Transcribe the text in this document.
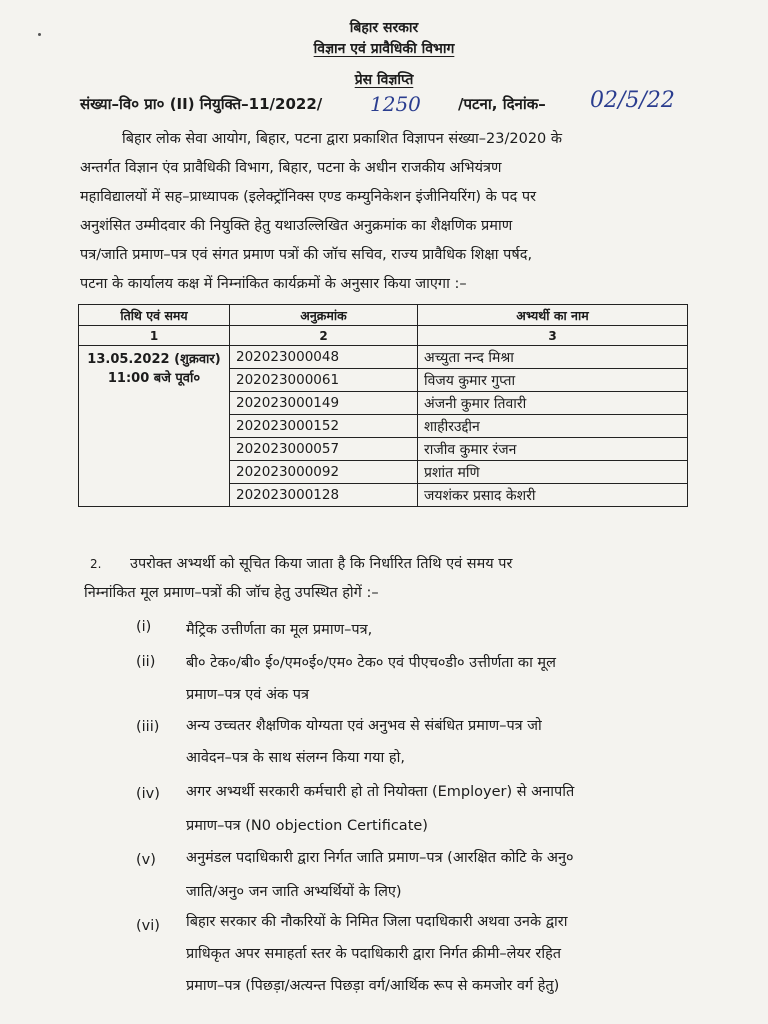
बिहार सरकार
विज्ञान एवं प्रावैधिकी विभाग
प्रेस विज्ञप्ति
संख्या–वि० प्रा० (II) नियुक्ति–11/2022/ 1250 /पटना, दिनांक– 02/5/22
बिहार लोक सेवा आयोग, बिहार, पटना द्वारा प्रकाशित विज्ञापन संख्या–23/2020 के
अन्तर्गत विज्ञान एंव प्रावैधिकी विभाग, बिहार, पटना के अधीन राजकीय अभियंत्रण
महाविद्यालयों में सह–प्राध्यापक (इलेक्ट्रॉनिक्स एण्ड कम्युनिकेशन इंजीनियरिंग) के पद पर
अनुशंसित उम्मीदवार की नियुक्ति हेतु यथाउल्लिखित अनुक्रमांक का शैक्षणिक प्रमाण
पत्र/जाति प्रमाण–पत्र एवं संगत प्रमाण पत्रों की जॉच सचिव, राज्य प्रावैधिक शिक्षा पर्षद,
पटना के कार्यालय कक्ष में निम्नांकित कार्यक्रमों के अनुसार किया जाएगा :–
तिथि एवं समय	अनुक्रमांक	अभ्यर्थी का नाम
1	2	3

13.05.2022 (शुक्रवार)
11:00 बजे पूर्वा०	202023000048	अच्युता नन्द मिश्रा
	202023000061	विजय कुमार गुप्ता
	202023000149	अंजनी कुमार तिवारी
	202023000152	शाहीरउद्दीन
	202023000057	राजीव कुमार रंजन
	202023000092	प्रशांत मणि
	202023000128	जयशंकर प्रसाद केशरी
2. उपरोक्त अभ्यर्थी को सूचित किया जाता है कि निर्धारित तिथि एवं समय पर
निम्नांकित मूल प्रमाण–पत्रों की जॉच हेतु उपस्थित होगें :–
(i) मैट्रिक उत्तीर्णता का मूल प्रमाण–पत्र,
(ii) बी० टेक०/बी० ई०/एम०ई०/एम० टेक० एवं पीएच०डी० उत्तीर्णता का मूल
प्रमाण–पत्र एवं अंक पत्र
(iii) अन्य उच्चतर शैक्षणिक योग्यता एवं अनुभव से संबंधित प्रमाण–पत्र जो
आवेदन–पत्र के साथ संलग्न किया गया हो,
(iv) अगर अभ्यर्थी सरकारी कर्मचारी हो तो नियोक्ता (Employer) से अनापति
प्रमाण–पत्र (N0 objection Certificate)
(v) अनुमंडल पदाधिकारी द्वारा निर्गत जाति प्रमाण–पत्र (आरक्षित कोटि के अनु०
जाति/अनु० जन जाति अभ्यर्थियों के लिए)
(vi) बिहार सरकार की नौकरियों के निमित जिला पदाधिकारी अथवा उनके द्वारा
प्राधिकृत अपर समाहर्ता स्तर के पदाधिकारी द्वारा निर्गत क्रीमी–लेयर रहित
प्रमाण–पत्र (पिछड़ा/अत्यन्त पिछड़ा वर्ग/आर्थिक रूप से कमजोर वर्ग हेतु)
